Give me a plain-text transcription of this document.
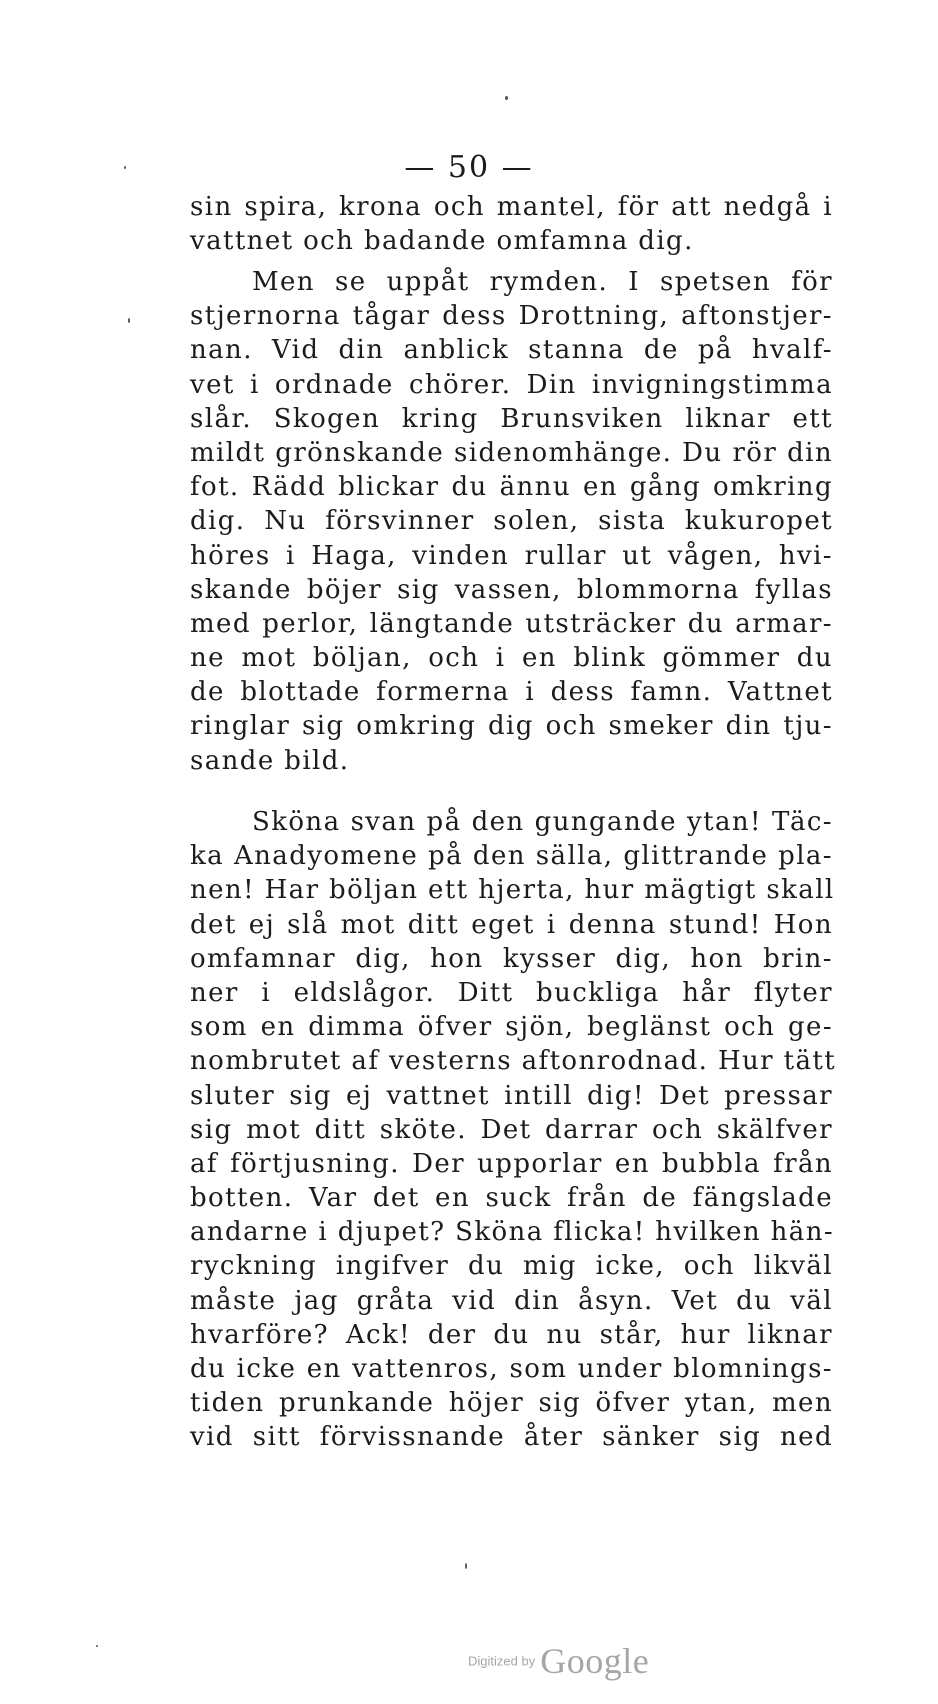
— 50 —
sin spira, krona och mantel, för att nedgå i
vattnet och badande omfamna dig.
Men se uppåt rymden. I spetsen för
stjernorna tågar dess Drottning, aftonstjer-
nan. Vid din anblick stanna de på hvalf-
vet i ordnade chörer. Din invigningstimma
slår. Skogen kring Brunsviken liknar ett
mildt grönskande sidenomhänge. Du rör din
fot. Rädd blickar du ännu en gång omkring
dig. Nu försvinner solen, sista kukuropet
höres i Haga, vinden rullar ut vågen, hvi-
skande böjer sig vassen, blommorna fyllas
med perlor, längtande utsträcker du armar-
ne mot böljan, och i en blink gömmer du
de blottade formerna i dess famn. Vattnet
ringlar sig omkring dig och smeker din tju-
sande bild.
Sköna svan på den gungande ytan! Täc-
ka Anadyomene på den sälla, glittrande pla-
nen! Har böljan ett hjerta, hur mägtigt skall
det ej slå mot ditt eget i denna stund! Hon
omfamnar dig, hon kysser dig, hon brin-
ner i eldslågor. Ditt buckliga hår flyter
som en dimma öfver sjön, beglänst och ge-
nombrutet af vesterns aftonrodnad. Hur tätt
sluter sig ej vattnet intill dig! Det pressar
sig mot ditt sköte. Det darrar och skälfver
af förtjusning. Der upporlar en bubbla från
botten. Var det en suck från de fängslade
andarne i djupet? Sköna flicka! hvilken hän-
ryckning ingifver du mig icke, och likväl
måste jag gråta vid din åsyn. Vet du väl
hvarföre? Ack! der du nu står, hur liknar
du icke en vattenros, som under blomnings-
tiden prunkande höjer sig öfver ytan, men
vid sitt förvissnande åter sänker sig ned
Digitized by Google
